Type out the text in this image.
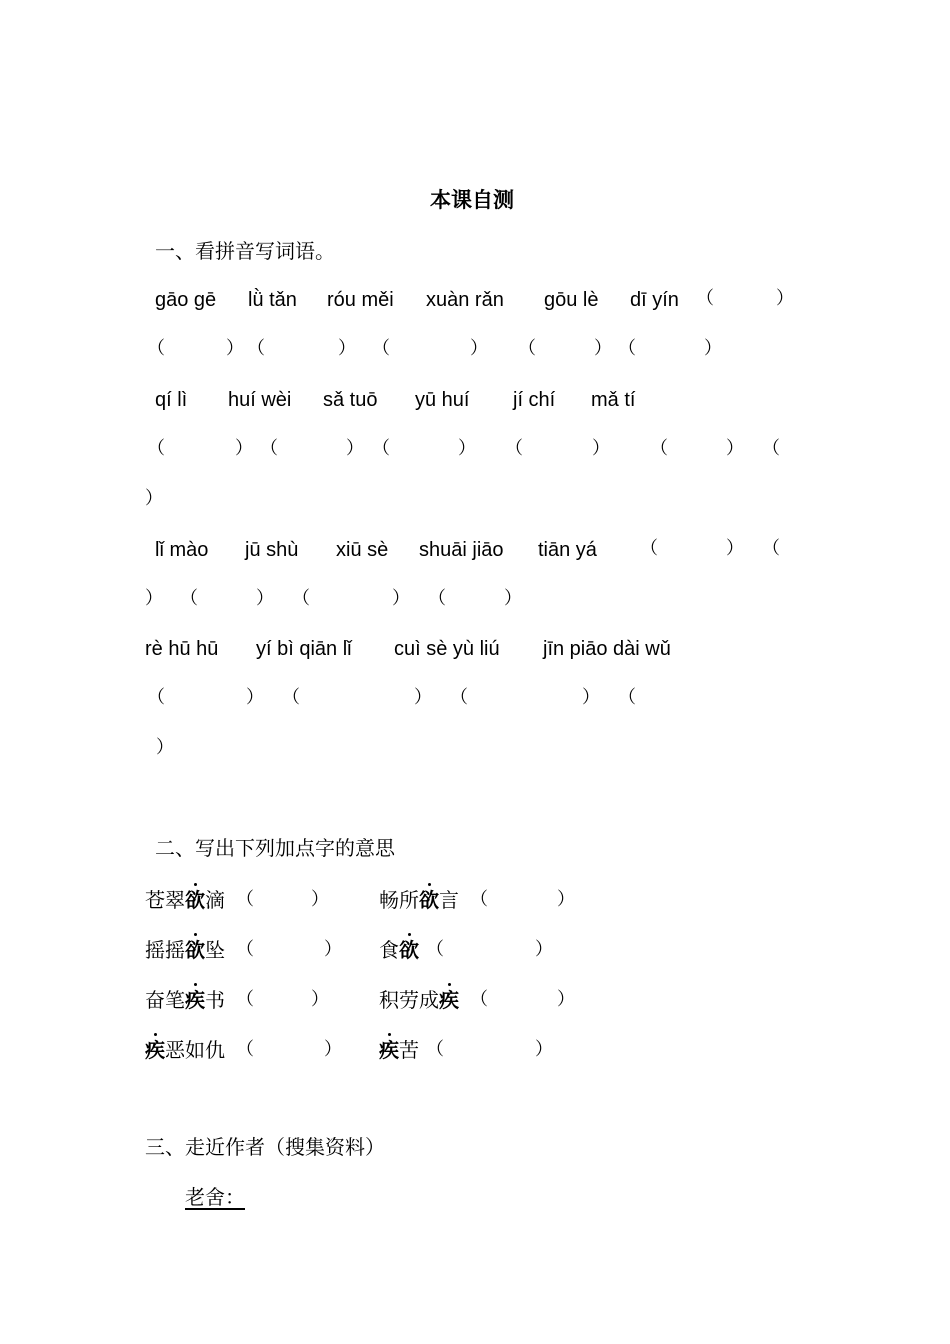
本课自测
一、看拼音写词语。
gāo gē lǜ tǎn róu měi xuàn rǎn gōu lè dī yín （	）
（	） （	） （	） （	） （	）
qí lì huí wèi sǎ tuō yū huí jí chí mǎ tí
（	） （	） （	） （	） （	） （
）
lǐ mào jū shù xiū sè shuāi jiāo tiān yá （	） （
） （	） （	） （	）
rè hū hū yí bì qiān lǐ cuì sè yù liú jīn piāo dài wǔ
（	） （	） （	） （
）
二、写出下列加点字的意思
苍翠欲滴 （	）	畅所欲言 （	）
摇摇欲坠 （	） 食欲 （	）
奋笔疾书 （	）	积劳成疾 （	）
疾恶如仇 （	） 疾苦 （	）
三、走近作者（搜集资料）
老舍：
